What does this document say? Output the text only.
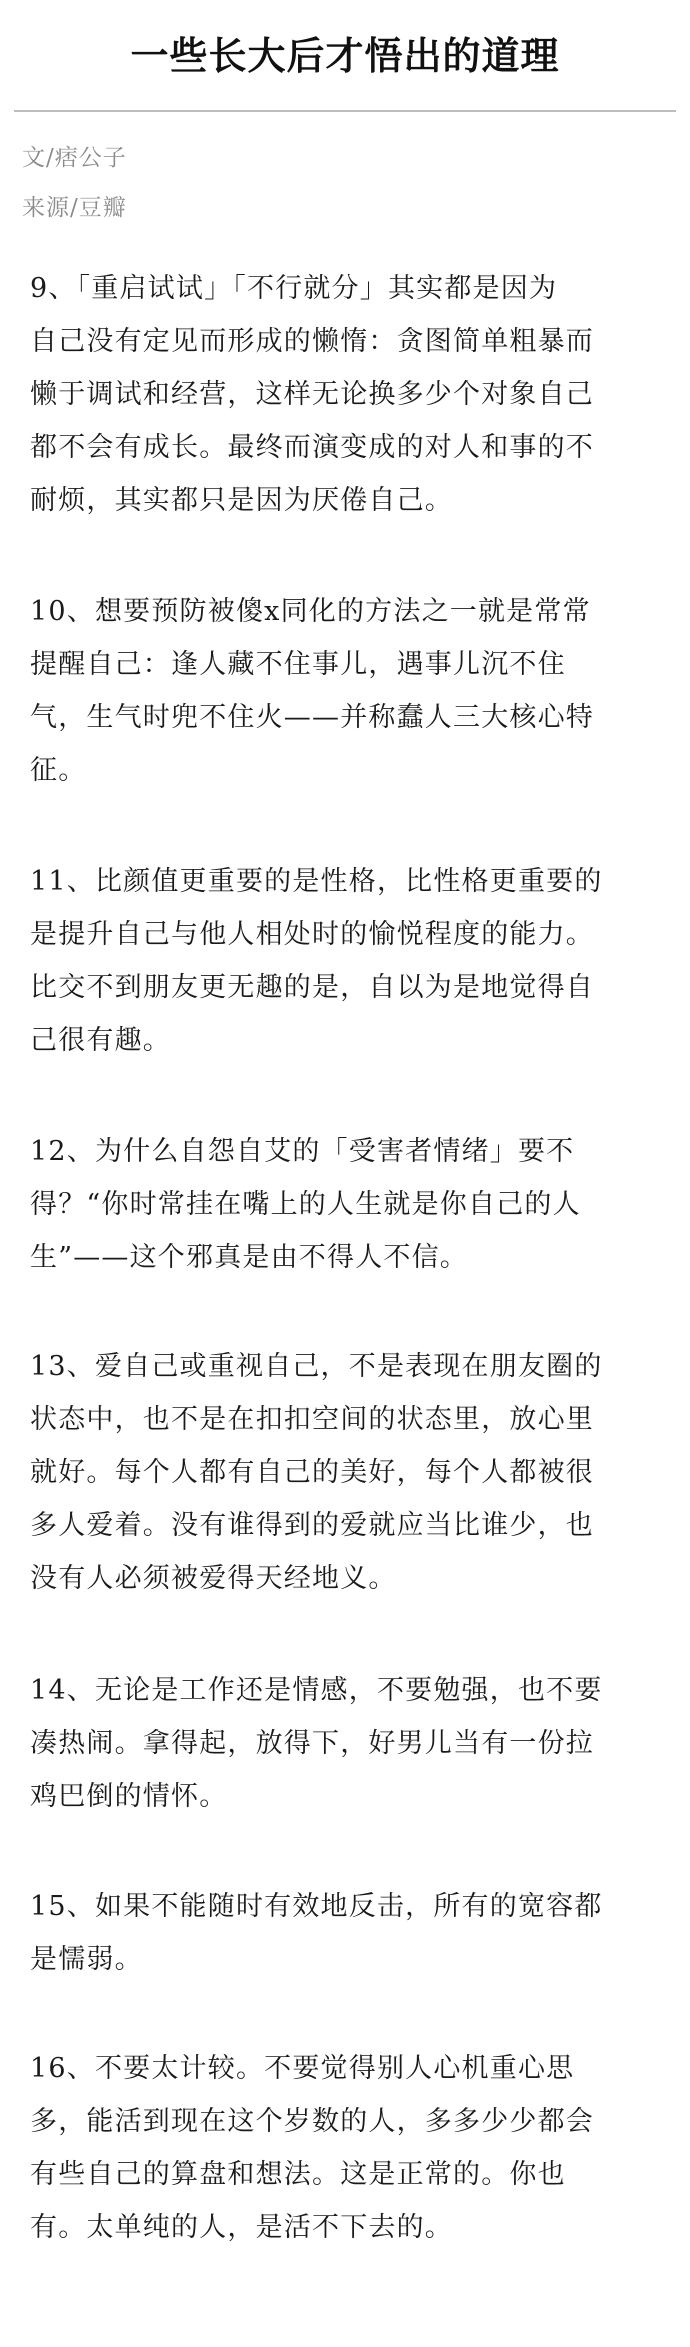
一些长大后才悟出的道理
文/痞公子
来源/豆瓣
9、「重启试试」「不行就分」其实都是因为
自己没有定见而形成的懒惰：贪图简单粗暴而
懒于调试和经营，这样无论换多少个对象自己
都不会有成长。最终而演变成的对人和事的不
耐烦，其实都只是因为厌倦自己。
10、想要预防被傻x同化的方法之一就是常常
提醒自己：逢人藏不住事儿，遇事儿沉不住
气，生气时兜不住火——并称蠢人三大核心特
征。
11、比颜值更重要的是性格，比性格更重要的
是提升自己与他人相处时的愉悦程度的能力。
比交不到朋友更无趣的是，自以为是地觉得自
己很有趣。
12、为什么自怨自艾的「受害者情绪」要不
得？“你时常挂在嘴上的人生就是你自己的人
生”——这个邪真是由不得人不信。
13、爱自己或重视自己，不是表现在朋友圈的
状态中，也不是在扣扣空间的状态里，放心里
就好。每个人都有自己的美好，每个人都被很
多人爱着。没有谁得到的爱就应当比谁少，也
没有人必须被爱得天经地义。
14、无论是工作还是情感，不要勉强，也不要
凑热闹。拿得起，放得下，好男儿当有一份拉
鸡巴倒的情怀。
15、如果不能随时有效地反击，所有的宽容都
是懦弱。
16、不要太计较。不要觉得别人心机重心思
多，能活到现在这个岁数的人，多多少少都会
有些自己的算盘和想法。这是正常的。你也
有。太单纯的人，是活不下去的。
